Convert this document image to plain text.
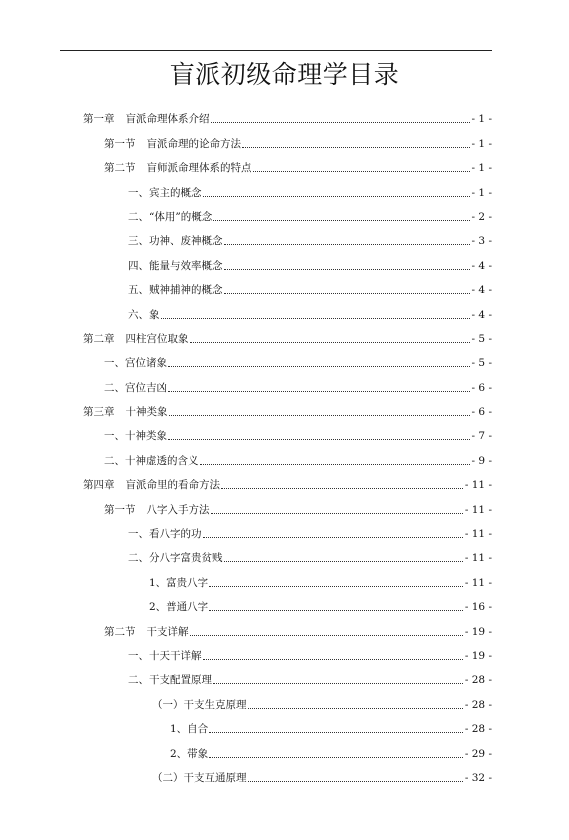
盲派初级命理学目录
第一章 盲派命理体系介绍	- 1 -
第一节 盲派命理的论命方法	- 1 -
第二节 盲师派命理体系的特点	- 1 -
一、宾主的概念	- 1 -
二、“体用”的概念	- 2 -
三、功神、废神概念	- 3 -
四、能量与效率概念	- 4 -
五、贼神捕神的概念	- 4 -
六、象	- 4 -
第二章 四柱宫位取象	- 5 -
一、宫位诸象	- 5 -
二、宫位吉凶	- 6 -
第三章 十神类象	- 6 -
一、十神类象	- 7 -
二、十神虚透的含义	- 9 -
第四章 盲派命里的看命方法	- 11 -
第一节 八字入手方法	- 11 -
一、看八字的功	- 11 -
二、分八字富贵贫贱	- 11 -
1、富贵八字	- 11 -
2、普通八字	- 16 -
第二节 干支详解	- 19 -
一、十天干详解	- 19 -
二、干支配置原理	- 28 -
（一）干支生克原理	- 28 -
1、自合	- 28 -
2、带象	- 29 -
（二）干支互通原理	- 32 -
